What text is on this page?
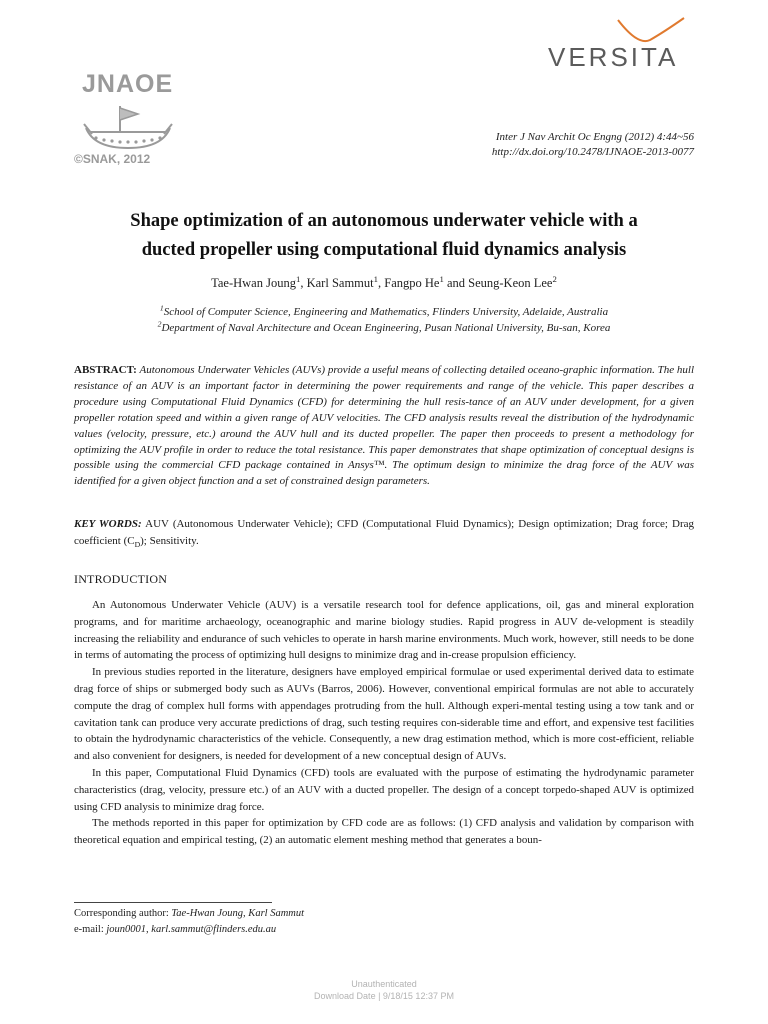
JNAOE
©SNAK, 2012
VERSITA
Inter J Nav Archit Oc Engng (2012) 4:44~56
http://dx.doi.org/10.2478/IJNAOE-2013-0077
Shape optimization of an autonomous underwater vehicle with a
ducted propeller using computational fluid dynamics analysis
Tae-Hwan Joung$^1$, Karl Sammut$^1$, Fangpo He$^1$ and Seung-Keon Lee$^2$
$^1$School of Computer Science, Engineering and Mathematics, Flinders University, Adelaide, Australia
$^2$Department of Naval Architecture and Ocean Engineering, Pusan National University, Bu-san, Korea
ABSTRACT: Autonomous Underwater Vehicles (AUVs) provide a useful means of collecting detailed oceano-graphic information. The hull resistance of an AUV is an important factor in determining the power requirements and range of the vehicle. This paper describes a procedure using Computational Fluid Dynamics (CFD) for determining the hull resis-tance of an AUV under development, for a given propeller rotation speed and within a given range of AUV velocities. The CFD analysis results reveal the distribution of the hydrodynamic values (velocity, pressure, etc.) around the AUV hull and its ducted propeller. The paper then proceeds to present a methodology for optimizing the AUV profile in order to reduce the total resistance. This paper demonstrates that shape optimization of conceptual designs is possible using the commercial CFD package contained in Ansys™. The optimum design to minimize the drag force of the AUV was identified for a given object function and a set of constrained design parameters.
KEY WORDS: AUV (Autonomous Underwater Vehicle); CFD (Computational Fluid Dynamics); Design optimization; Drag force; Drag coefficient $(C_D)$; Sensitivity.
INTRODUCTION

An Autonomous Underwater Vehicle (AUV) is a versatile research tool for defence applications, oil, gas and mineral exploration programs, and for maritime archaeology, oceanographic and marine biology studies. Rapid progress in AUV de-velopment is steadily increasing the reliability and endurance of such vehicles to operate in harsh marine environments. Much work, however, still needs to be done in terms of automating the process of optimizing hull designs to minimize drag and in-crease propulsion efficiency.

In previous studies reported in the literature, designers have employed empirical formulae or used experimental derived data to estimate drag force of ships or submerged body such as AUVs (Barros, 2006). However, conventional empirical formulas are not able to accurately compute the drag of complex hull forms with appendages protruding from the hull. Although experi-mental testing using a tow tank and or cavitation tank can produce very accurate predictions of drag, such testing requires con-siderable time and effort, and expensive test facilities to obtain the hydrodynamic characteristics of the vehicle. Consequently, a new drag estimation method, which is more cost-efficient, reliable and also convenient for designers, is needed for development of a new conceptual design of AUVs.

In this paper, Computational Fluid Dynamics (CFD) tools are evaluated with the purpose of estimating the hydrodynamic parameter characteristics (drag, velocity, pressure etc.) of an AUV with a ducted propeller. The design of a concept torpedo-shaped AUV is optimized using CFD analysis to minimize drag force.

The methods reported in this paper for optimization by CFD code are as follows: (1) CFD analysis and validation by comparison with theoretical equation and empirical testing, (2) an automatic element meshing method that generates a boun-

Corresponding author: Tae-Hwan Joung, Karl Sammut
e-mail: joun0001, karl.sammut@flinders.edu.au
Unauthenticated
Download Date | 9/18/15 12:37 PM
